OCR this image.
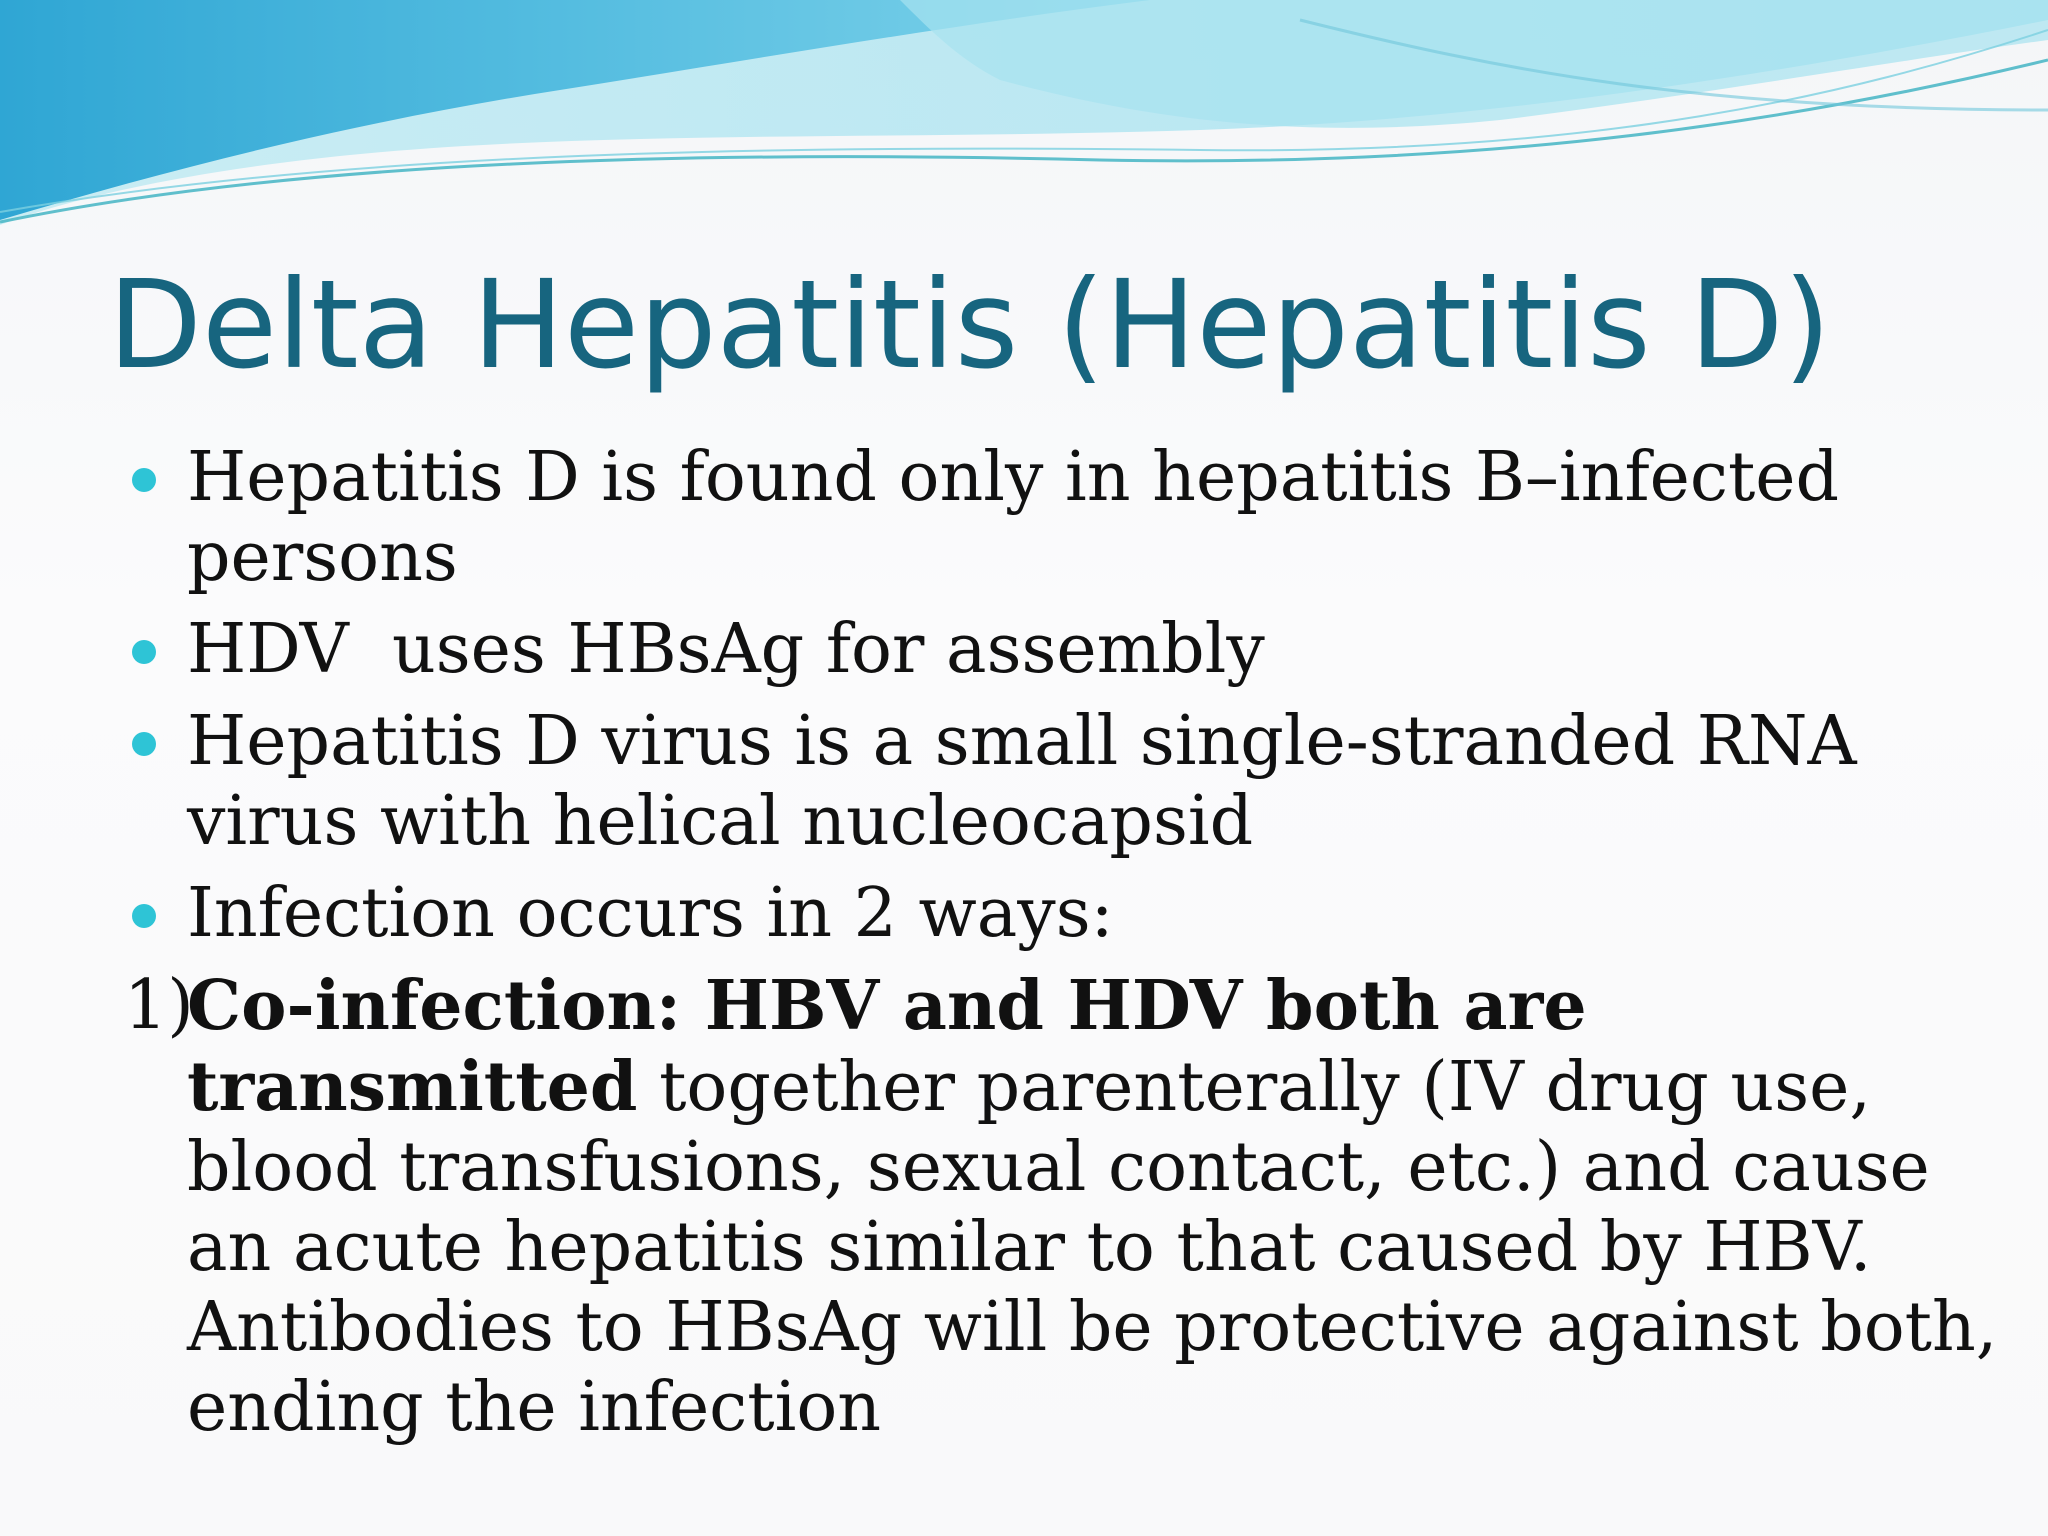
Delta Hepatitis (Hepatitis D)
Hepatitis D is found only in hepatitis B–infected persons
HDV  uses HBsAg for assembly
Hepatitis D virus is a small single-stranded RNA virus with helical nucleocapsid
Infection occurs in 2 ways:
1)
Co-infection: HBV and HDV both are transmitted together parenterally (IV drug use, blood transfusions, sexual contact, etc.) and cause an acute hepatitis similar to that caused by HBV. Antibodies to HBsAg will be protective against both, ending the infection
